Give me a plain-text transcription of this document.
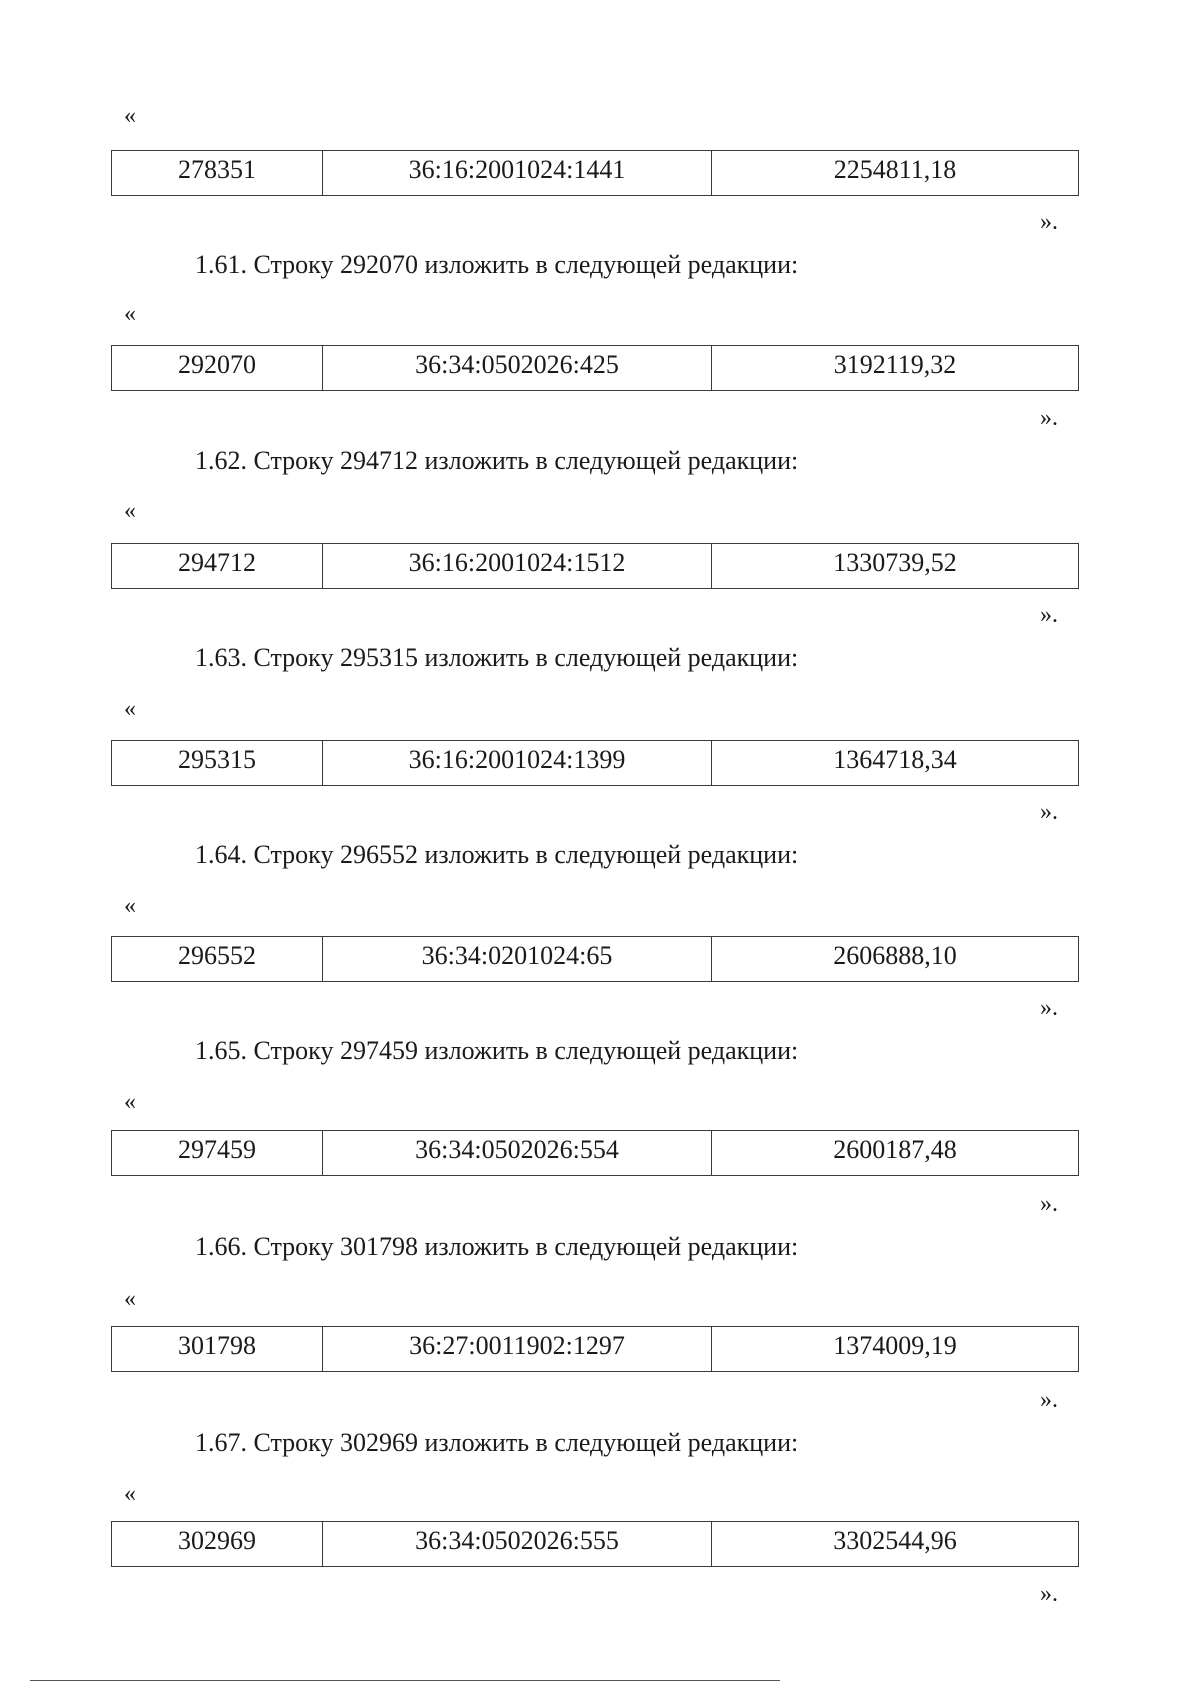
«
278351	36:16:2001024:1441	2254811,18
».
1.61. Строку 292070 изложить в следующей редакции:
«
292070	36:34:0502026:425	3192119,32
».
1.62. Строку 294712 изложить в следующей редакции:
«
294712	36:16:2001024:1512	1330739,52
».
1.63. Строку 295315 изложить в следующей редакции:
«
295315	36:16:2001024:1399	1364718,34
».
1.64. Строку 296552 изложить в следующей редакции:
«
296552	36:34:0201024:65	2606888,10
».
1.65. Строку 297459 изложить в следующей редакции:
«
297459	36:34:0502026:554	2600187,48
».
1.66. Строку 301798 изложить в следующей редакции:
«
301798	36:27:0011902:1297	1374009,19
».
1.67. Строку 302969 изложить в следующей редакции:
«
302969	36:34:0502026:555	3302544,96
».
